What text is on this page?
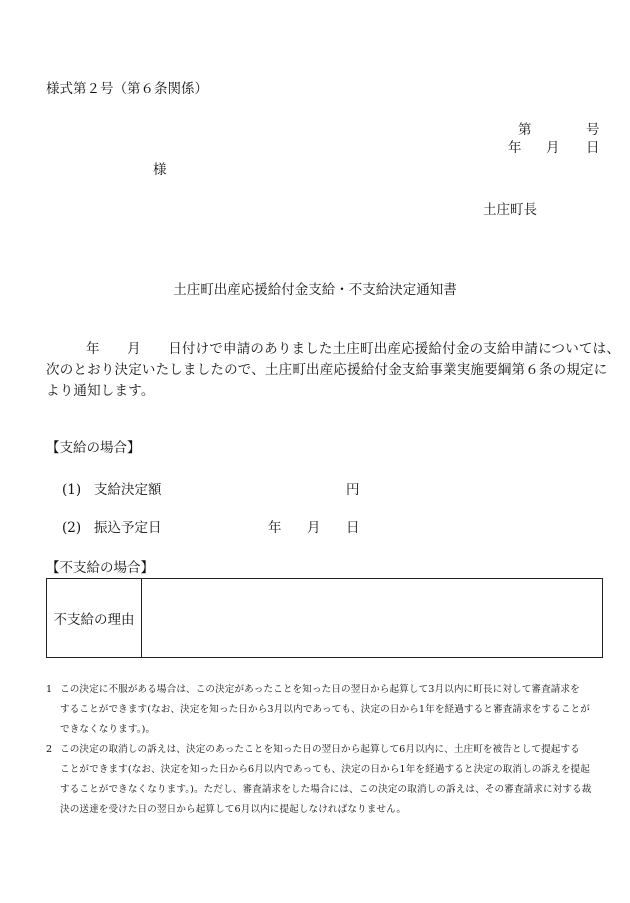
様式第２号（第６条関係）
第	号
年 月 日
様
土庄町長
土庄町出産応援給付金支給・不支給決定通知書
年　　月　　日付けで申請のありました土庄町出産応援給付金の支給申請については、
次のとおり決定いたしましたので、土庄町出産応援給付金支給事業実施要綱第６条の規定に
より通知します。
【支給の場合】
(1) 支給決定額	円
(2) 振込予定日	年 月 日
【不支給の場合】
不支給の理由
1 この決定に不服がある場合は、この決定があったことを知った日の翌日から起算して3月以内に町長に対して審査請求を
することができます(なお、決定を知った日から3月以内であっても、決定の日から1年を経過すると審査請求をすることが
できなくなります。)。
2 この決定の取消しの訴えは、決定のあったことを知った日の翌日から起算して6月以内に、土庄町を被告として提起する
ことができます(なお、決定を知った日から6月以内であっても、決定の日から1年を経過すると決定の取消しの訴えを提起
することができなくなります。)。ただし、審査請求をした場合には、この決定の取消しの訴えは、その審査請求に対する裁
決の送達を受けた日の翌日から起算して6月以内に提起しなければなりません。
